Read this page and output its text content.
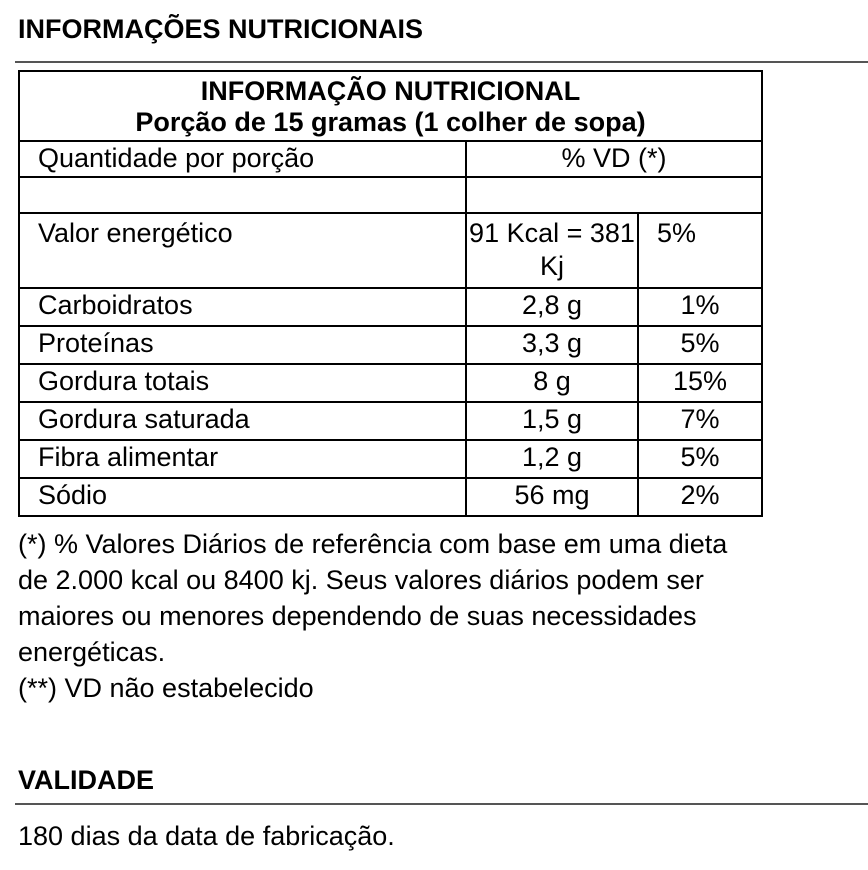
INFORMAÇÕES NUTRICIONAIS
INFORMAÇÃO NUTRICIONAL
Porção de 15 gramas (1 colher de sopa)		

Quantidade por porção	% VD (*)	

Valor energético	91 Kcal = 381 Kj	5%
Carboidratos	2,8 g	1%
Proteínas	3,3 g	5%
Gordura totais	8 g	15%
Gordura saturada	1,5 g	7%
Fibra alimentar	1,2 g	5%
Sódio	56 mg	2%
(*) % Valores Diários de referência com base em uma dieta
de 2.000 kcal ou 8400 kj. Seus valores diários podem ser
maiores ou menores dependendo de suas necessidades
energéticas.
(**) VD não estabelecido
VALIDADE
180 dias da data de fabricação.
